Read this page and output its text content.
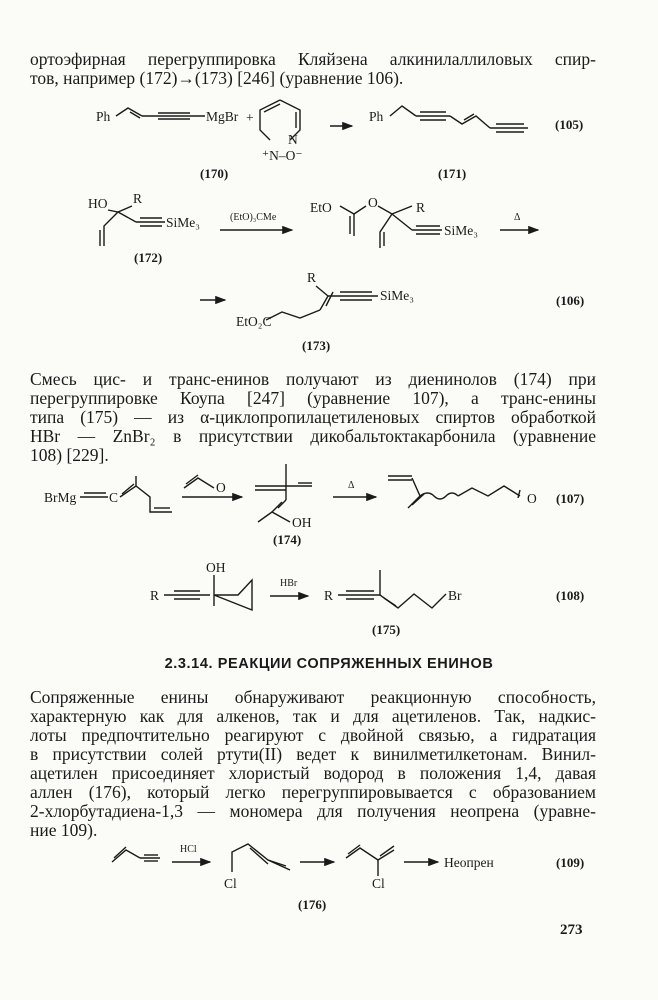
ортоэфирная перегруппировка Кляйзена алкинилаллиловых спир-
тов, например (172)→(173) [246] (уравнение 106).
Ph	MgBr +
N
⁺N–O⁻
Ph
(105)
(170)	(171)
HO R
SiMe₃
(172)
(EtO)₃CMe
EtO	O	R
SiMe₃
Δ
R
SiMe₃
EtO₂C
(106)
(173)
BrMg C
O
OH
Δ
O (107)
(174)
R
OH
HBr
R	Br	(108)
(175)
HCl
Cl	Cl
Неопрен	(109)
(176)
Смесь цис- и транс-енинов получают из диенинолов (174) при
перегруппировке Коупа [247] (уравнение 107), а транс-енины
типа (175) — из α-циклопропилацетиленовых спиртов обработкой
HBr — ZnBr₂ в присутствии дикобальтоктакарбонила (уравнение
108) [229].
2.3.14. РЕАКЦИИ СОПРЯЖЕННЫХ ЕНИНОВ
Сопряженные енины обнаруживают реакционную способность,
характерную как для алкенов, так и для ацетиленов. Так, надкис-
лоты предпочтительно реагируют с двойной связью, а гидратация
в присутствии солей ртути(II) ведет к винилметилкетонам. Винил-
ацетилен присоединяет хлористый водород в положения 1,4, давая
аллен (176), который легко перегруппировывается с образованием
2-хлорбутадиена-1,3 — мономера для получения неопрена (уравне-
ние 109).
273
